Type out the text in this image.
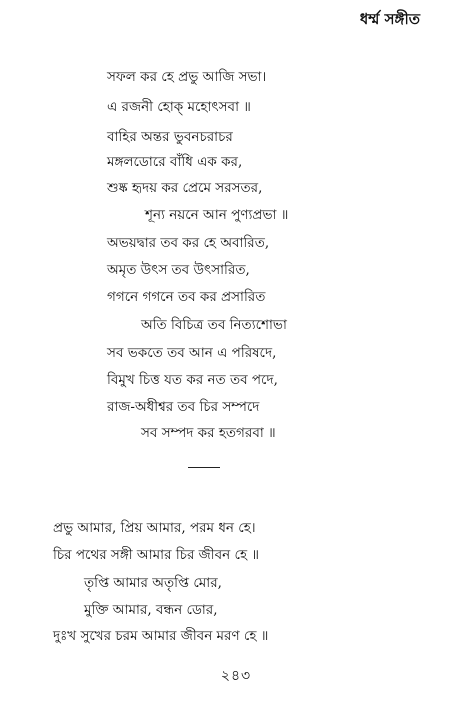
ধর্ম্ম সঙ্গীত
সফল কর হে প্রভু আজি সভা।
এ রজনী হোক্‌ মহোৎসবা ॥
বাহির অন্তর ভুবনচরাচর
মঙ্গলডোরে বাঁধি এক কর,
শুষ্ক হৃদয় কর প্রেমে সরসতর,
শূন্য নয়নে আন পুণ্যপ্রভা ॥
অভয়দ্বার তব কর হে অবারিত,
অমৃত উৎস তব উৎসারিত,
গগনে গগনে তব কর প্রসারিত
অতি বিচিত্র তব নিত্যশোভা
সব ভকতে তব আন এ পরিষদে,
বিমুখ চিত্ত যত কর নত তব পদে,
রাজ-অধীশ্বর তব চির সম্পদে
সব সম্পদ কর হতগরবা ॥
প্রভু আমার, প্রিয় আমার, পরম ধন হে।
চির পথের সঙ্গী আমার চির জীবন হে ॥
তৃপ্তি আমার অতৃপ্তি মোর,
মুক্তি আমার, বন্ধন ডোর,
দুঃখ সুখের চরম আমার জীবন মরণ হে ॥
২৪৩
